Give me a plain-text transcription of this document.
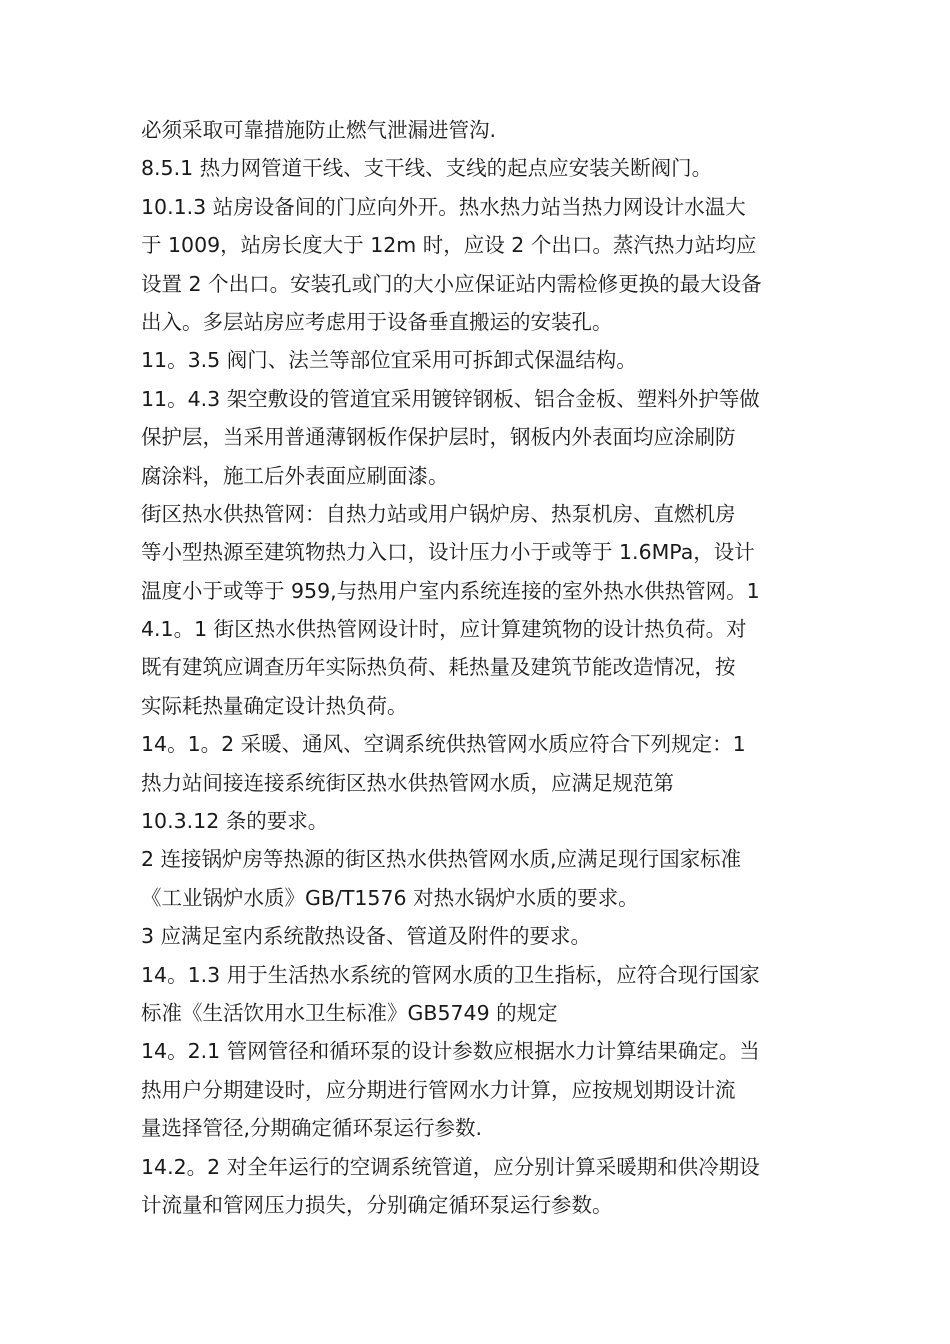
必须采取可靠措施防止燃气泄漏进管沟.
8.5.1 热力网管道干线、支干线、支线的起点应安装关断阀门。
10.1.3 站房设备间的门应向外开。热水热力站当热力网设计水温大
于 1009，站房长度大于 12m 时，应设 2 个出口。蒸汽热力站均应
设置 2 个出口。安装孔或门的大小应保证站内需检修更换的最大设备
出入。多层站房应考虑用于设备垂直搬运的安装孔。
11。3.5 阀门、法兰等部位宜采用可拆卸式保温结构。
11。4.3 架空敷设的管道宜采用镀锌钢板、铝合金板、塑料外护等做
保护层，当采用普通薄钢板作保护层时，钢板内外表面均应涂刷防
腐涂料，施工后外表面应刷面漆。
街区热水供热管网：自热力站或用户锅炉房、热泵机房、直燃机房
等小型热源至建筑物热力入口，设计压力小于或等于 1.6MPa，设计
温度小于或等于 959,与热用户室内系统连接的室外热水供热管网。1
4.1。1 街区热水供热管网设计时，应计算建筑物的设计热负荷。对
既有建筑应调查历年实际热负荷、耗热量及建筑节能改造情况，按
实际耗热量确定设计热负荷。
14。1。2 采暖、通风、空调系统供热管网水质应符合下列规定：1
热力站间接连接系统街区热水供热管网水质，应满足规范第
10.3.12 条的要求。
2 连接锅炉房等热源的街区热水供热管网水质,应满足现行国家标准
《工业锅炉水质》GB/T1576 对热水锅炉水质的要求。
3 应满足室内系统散热设备、管道及附件的要求。
14。1.3 用于生活热水系统的管网水质的卫生指标，应符合现行国家
标准《生活饮用水卫生标准》GB5749 的规定
14。2.1 管网管径和循环泵的设计参数应根据水力计算结果确定。当
热用户分期建设时，应分期进行管网水力计算，应按规划期设计流
量选择管径,分期确定循环泵运行参数.
14.2。2 对全年运行的空调系统管道，应分别计算采暖期和供冷期设
计流量和管网压力损失，分别确定循环泵运行参数。
